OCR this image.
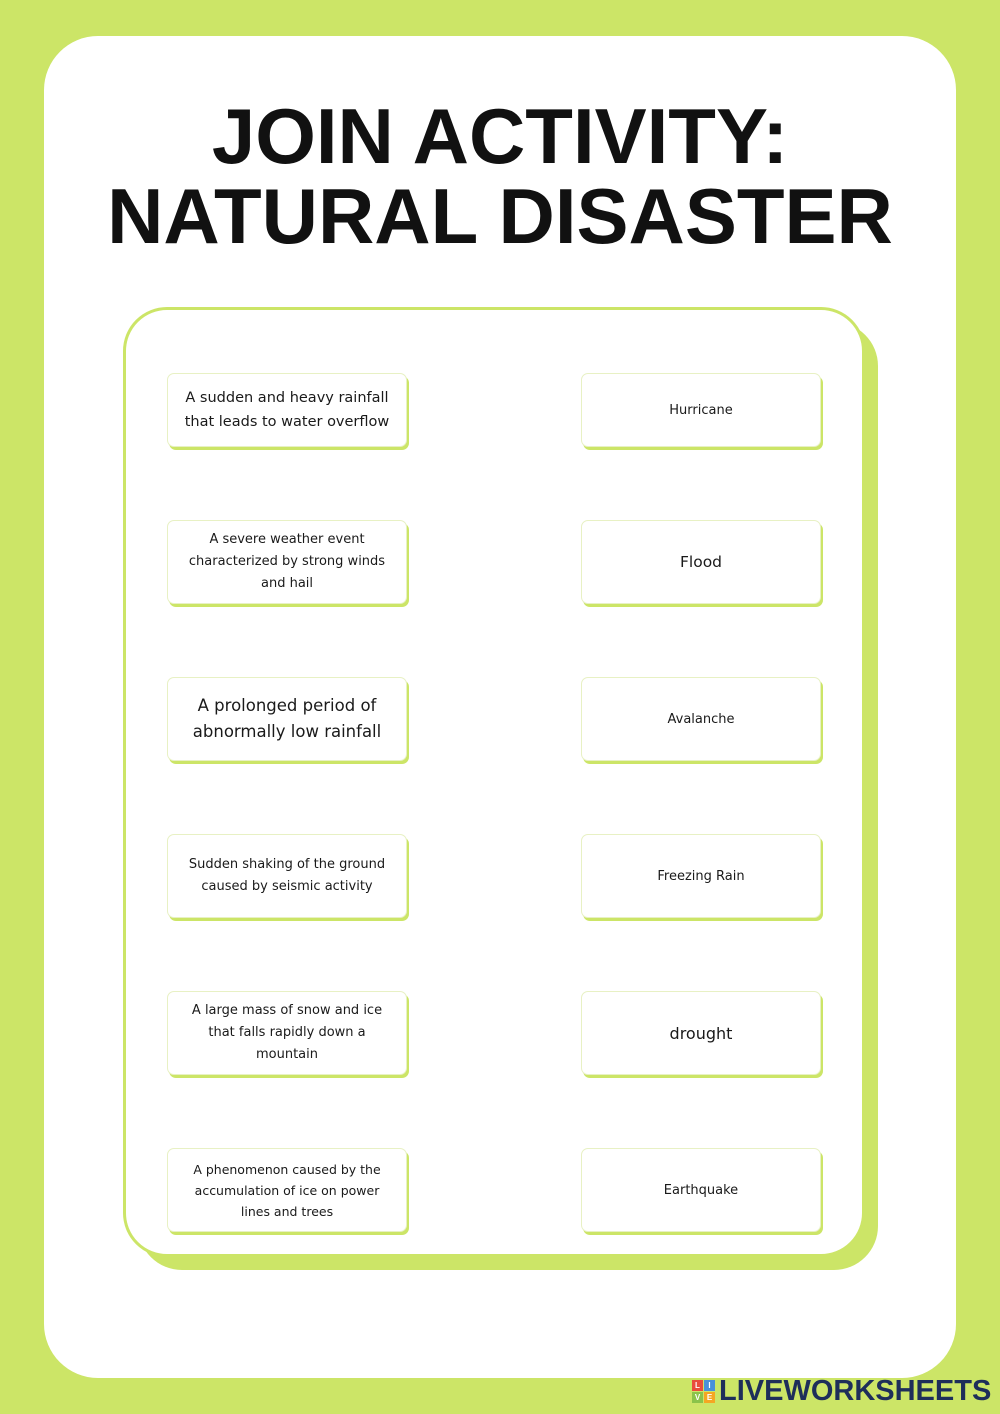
JOIN ACTIVITY:
NATURAL DISASTER
A sudden and heavy rainfall that leads to water overflow
A severe weather event characterized by strong winds and hail
A prolonged period of abnormally low rainfall
Sudden shaking of the ground caused by seismic activity
A large mass of snow and ice that falls rapidly down a mountain
A phenomenon caused by the accumulation of ice on power lines and trees
Hurricane
Flood
Avalanche
Freezing Rain
drought
Earthquake
L	I
V E LIVEWORKSHEETS
